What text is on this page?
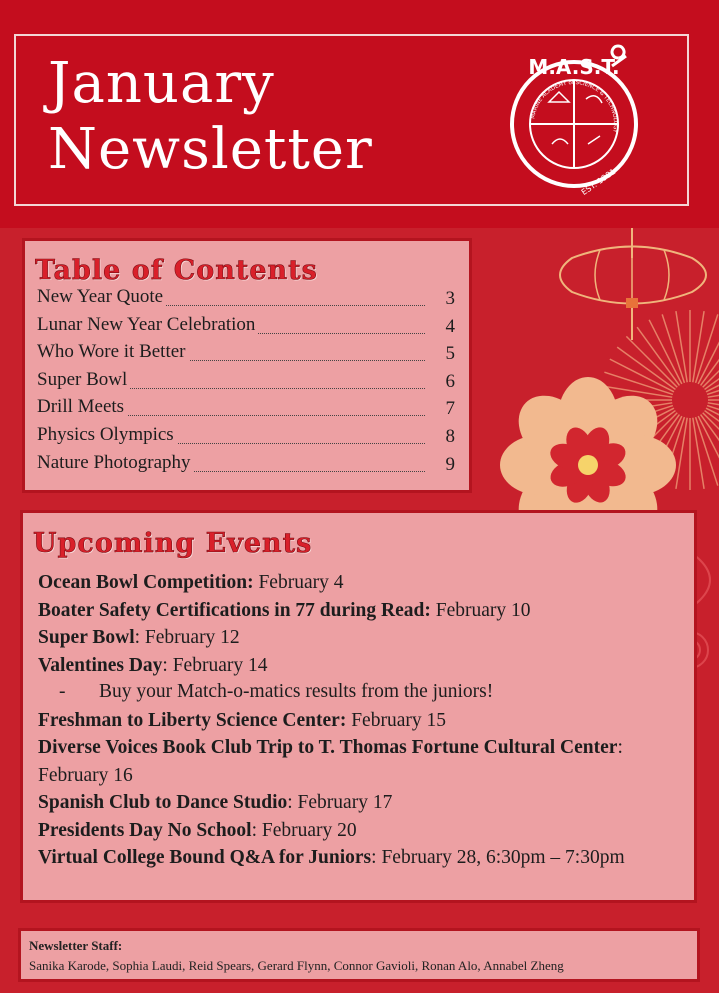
January
Newsletter
M.A.S.T.
MARINE ACADEMY of SCIENCE & TECHNOLOGY
EST. 1981
Table of Contents
New Year Quote	3
Lunar New Year Celebration	4
Who Wore it Better	5
Super Bowl	6
Drill Meets	7
Physics Olympics	8
Nature Photography	9
Upcoming Events
Ocean Bowl Competition: February 4
Boater Safety Certifications in 77 during Read: February 10
Super Bowl: February 12
Valentines Day: February 14
Freshman to Liberty Science Center: February 15
Diverse Voices Book Club Trip to T. Thomas Fortune Cultural Center: February 16
Spanish Club to Dance Studio: February 17
Presidents Day No School: February 20
Virtual College Bound Q&A for Juniors: February 28, 6:30pm – 7:30pm
- Buy your Match-o-matics results from the juniors!
Newsletter Staff:
Sanika Karode, Sophia Laudi, Reid Spears, Gerard Flynn, Connor Gavioli, Ronan Alo, Annabel Zheng
